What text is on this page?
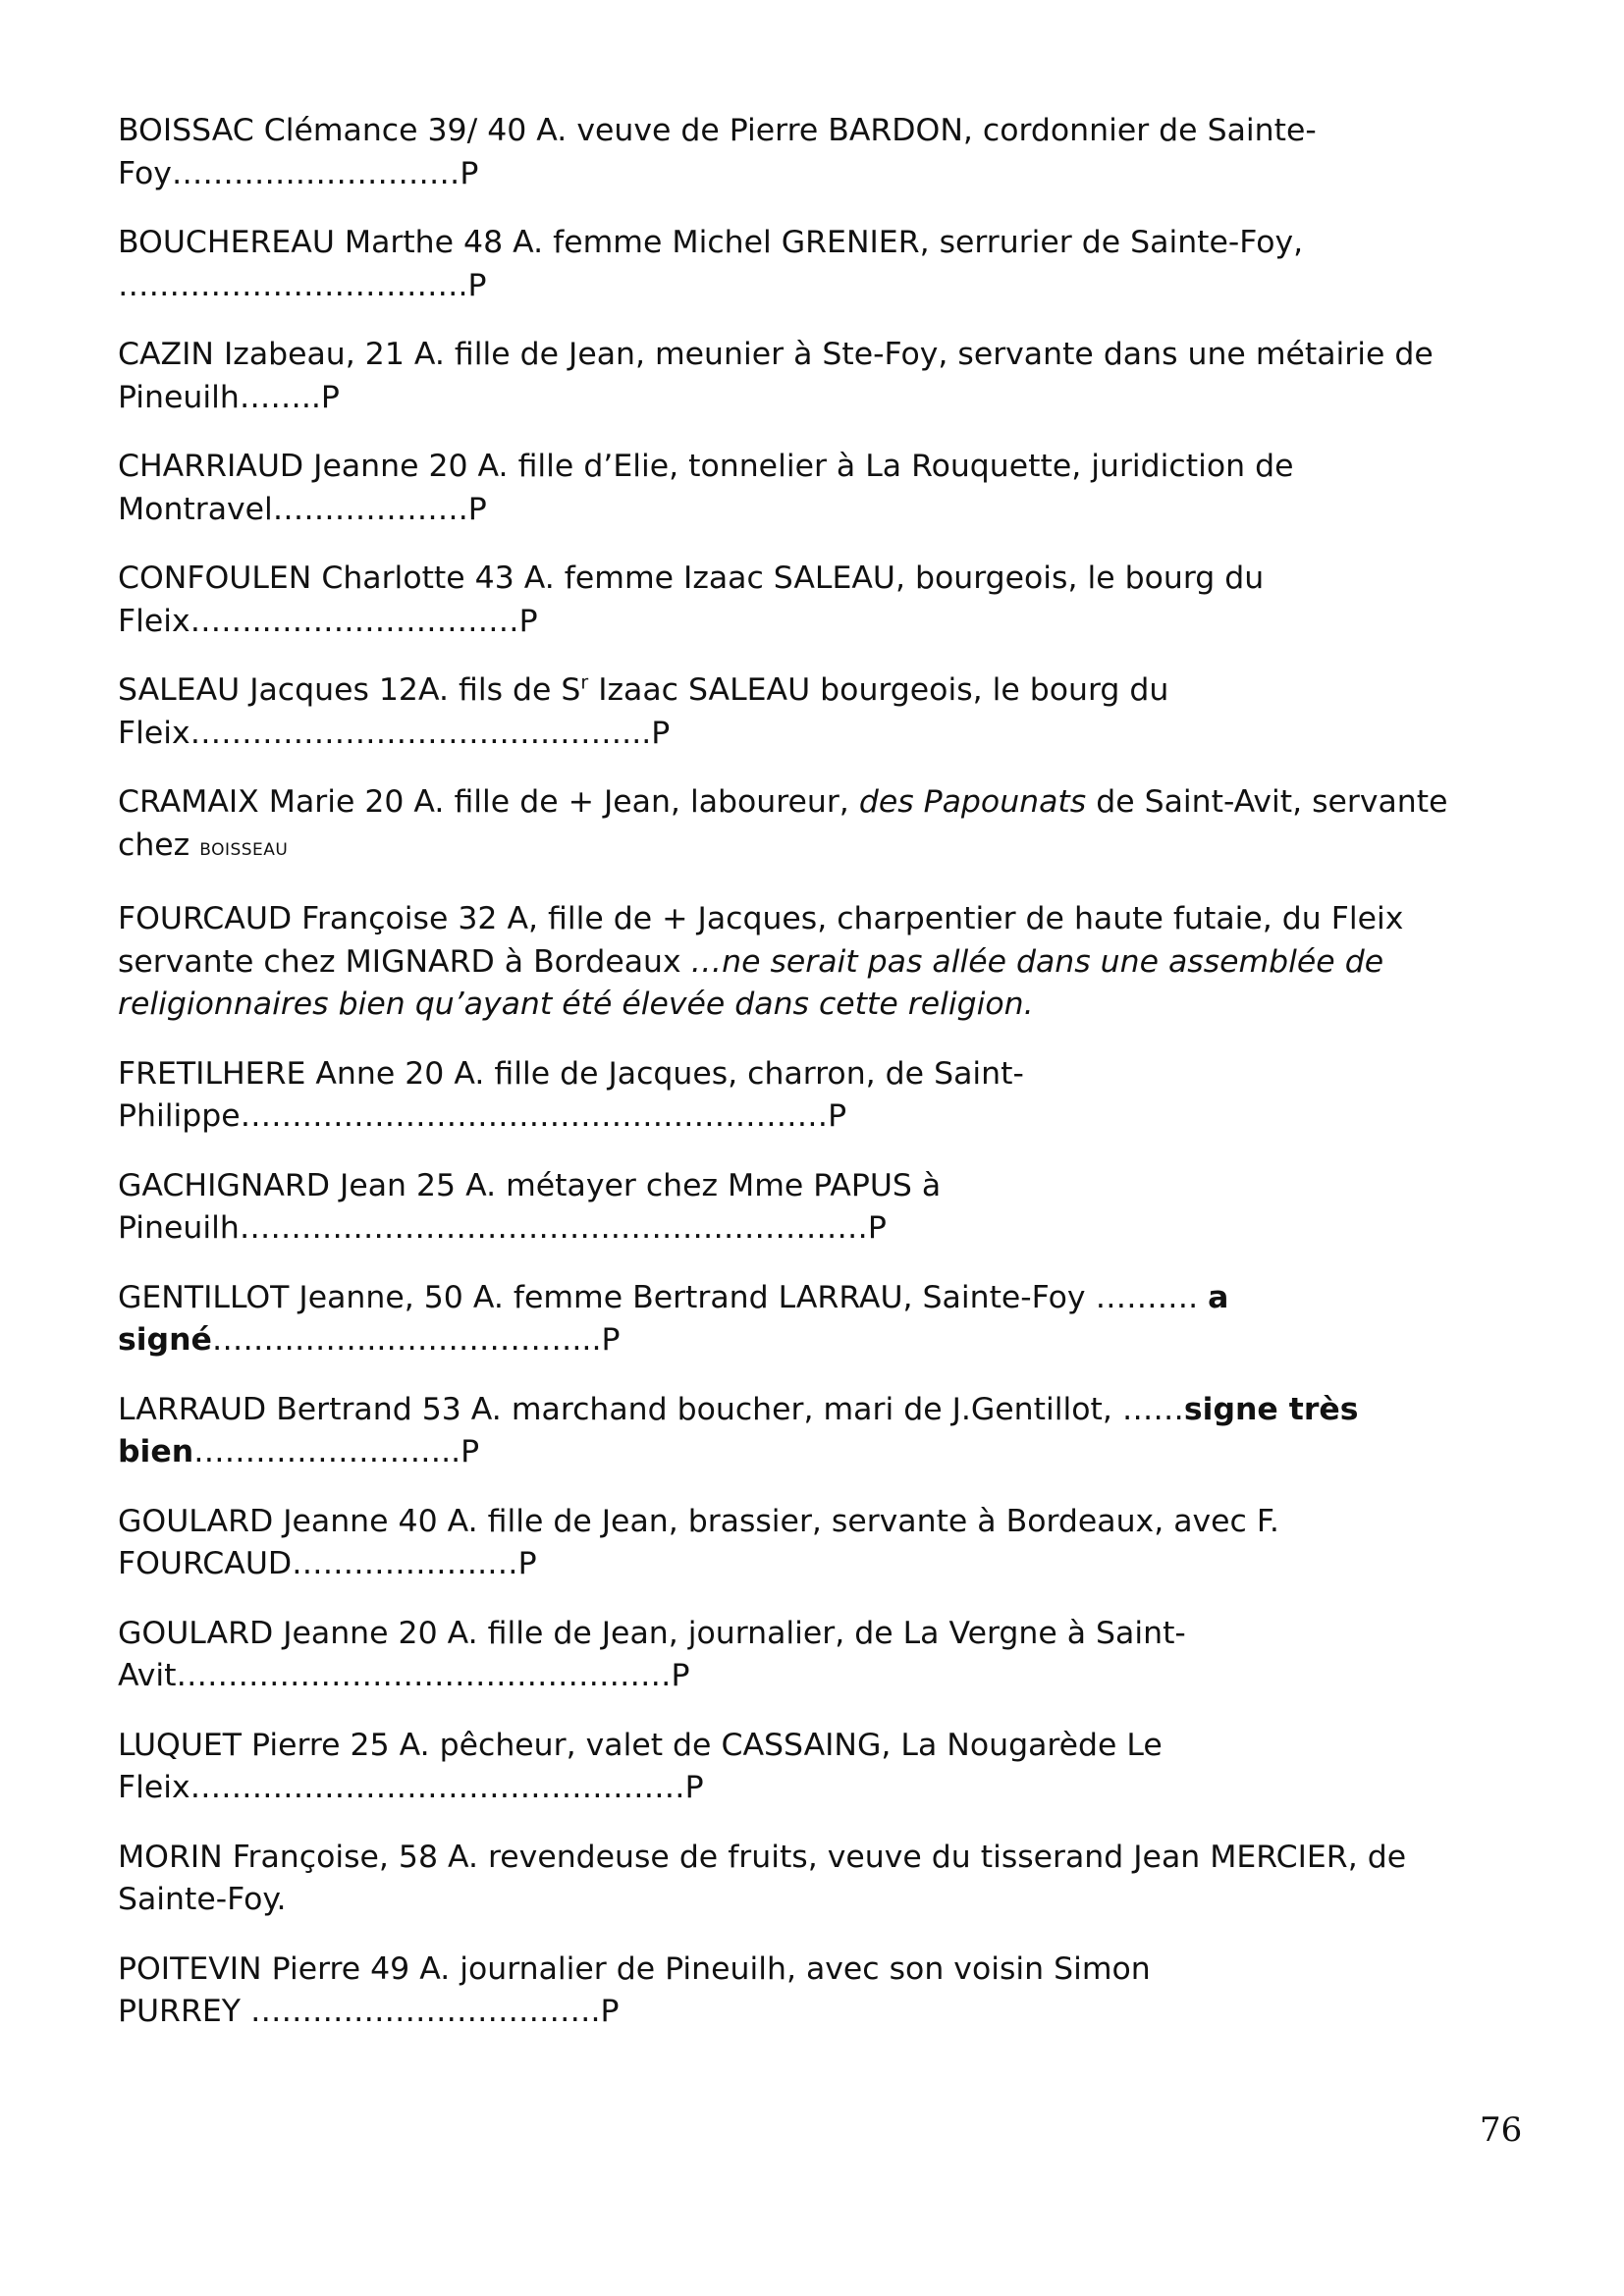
BOISSAC Clémance 39/ 40 A. veuve de Pierre BARDON, cordonnier de Sainte-
Foy………….……………P
BOUCHEREAU Marthe 48 A. femme Michel GRENIER, serrurier de Sainte-Foy,
…………………………….P
CAZIN Izabeau, 21 A. fille de Jean, meunier à Ste-Foy, servante dans une métairie de
Pineuilh……..P
CHARRIAUD Jeanne 20 A. fille d’Elie, tonnelier à La Rouquette, juridiction de
Montravel……………….P
CONFOULEN Charlotte 43 A. femme Izaac SALEAU, bourgeois, le bourg du
Fleix……..……………………P
SALEAU Jacques 12A. fils de $S^r$ Izaac SALEAU bourgeois, le bourg du
Fleix………………………….…..……...P
CRAMAIX Marie 20 A. fille de + Jean, laboureur, des Papounats de Saint-Avit, servante
chez BOISSEAU
FOURCAUD Françoise 32 A, fille de + Jacques, charpentier de haute futaie, du Fleix
servante chez MIGNARD à Bordeaux …ne serait pas allée dans une assemblée de
religionnaires bien qu’ayant été élevée dans cette religion.
FRETILHERE Anne 20 A. fille de Jacques, charron, de Saint-
Philippe…………………………………………………P
GACHIGNARD Jean 25 A. métayer chez Mme PAPUS à
Pineuilh……………………………….……………………P
GENTILLOT Jeanne, 50 A. femme Bertrand LARRAU, Sainte-Foy ………. a
signé……………..………………...P
LARRAUD Bertrand 53 A. marchand boucher, mari de J.Gentillot, ……signe très
bien……………………..P
GOULARD Jeanne 40 A. fille de Jean, brassier, servante à Bordeaux, avec F.
FOURCAUD……………….…P
GOULARD Jeanne 20 A. fille de Jean, journalier, de La Vergne à Saint-
Avit…………………………………………P
LUQUET Pierre 25 A. pêcheur, valet de CASSAING, La Nougarède Le
Fleix…………………………………………P
MORIN Françoise, 58 A. revendeuse de fruits, veuve du tisserand Jean MERCIER, de
Sainte-Foy.
POITEVIN Pierre 49 A. journalier de Pineuilh, avec son voisin Simon
PURREY …………………………….P
76
